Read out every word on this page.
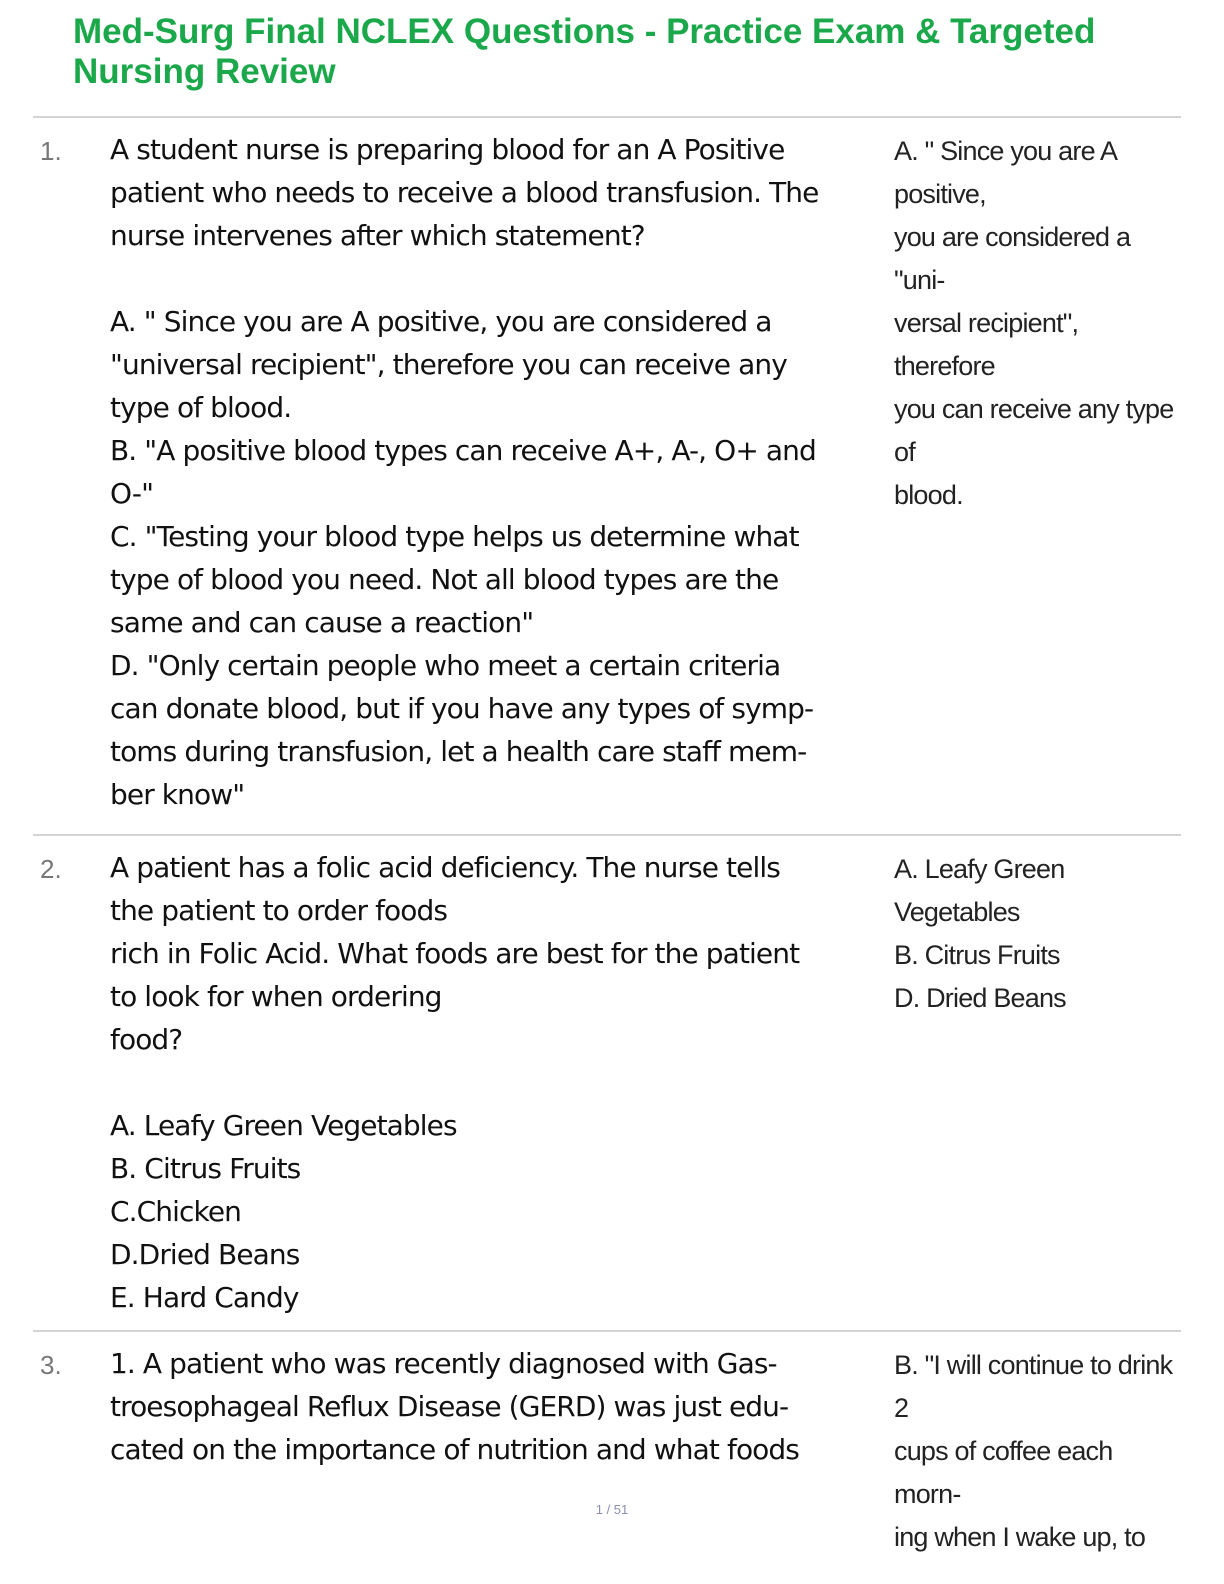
Med-Surg Final NCLEX Questions - Practice Exam & Targeted Nursing Review
1. A student nurse is preparing blood for an A Positive

patient who needs to receive a blood transfusion. The

nurse intervenes after which statement?

A. " Since you are A positive, you are considered a

"universal recipient", therefore you can receive any

type of blood.

B. "A positive blood types can receive A+, A-, O+ and

O-"

C. "Testing your blood type helps us determine what

type of blood you need. Not all blood types are the

same and can cause a reaction"

D. "Only certain people who meet a certain criteria

can donate blood, but if you have any types of symp-

toms during transfusion, let a health care staff mem-

ber know"

A. " Since you are A positive,

you are considered a "uni-

versal recipient", therefore

you can receive any type of

blood.

2. A patient has a folic acid deficiency. The nurse tells

the patient to order foods

rich in Folic Acid. What foods are best for the patient

to look for when ordering

food?

A. Leafy Green Vegetables

B. Citrus Fruits

C.Chicken

D.Dried Beans

E. Hard Candy

A. Leafy Green Vegetables

B. Citrus Fruits

D. Dried Beans

3. 1. A patient who was recently diagnosed with Gas-

troesophageal Reflux Disease (GERD) was just edu-

cated on the importance of nutrition and what foods

B. "I will continue to drink 2

cups of coffee each morn-

ing when I wake up, to

1 / 51
